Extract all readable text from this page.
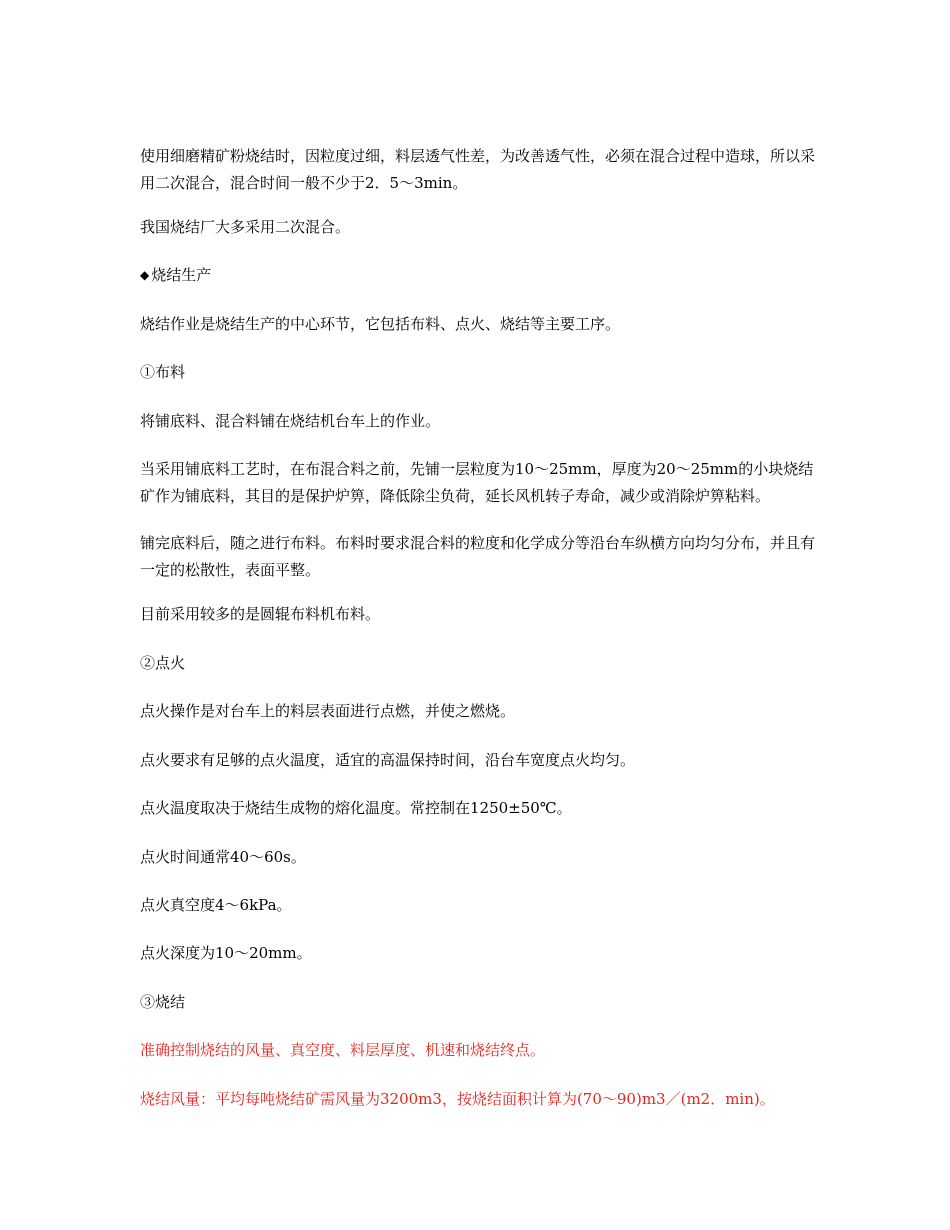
使用细磨精矿粉烧结时，因粒度过细，料层透气性差，为改善透气性，必须在混合过程中造球，所以采用二次混合，混合时间一般不少于2．5～3min。

我国烧结厂大多采用二次混合。

◆ 烧结生产

烧结作业是烧结生产的中心环节，它包括布料、点火、烧结等主要工序。

①布料

将铺底料、混合料铺在烧结机台车上的作业。

当采用铺底料工艺时，在布混合料之前，先铺一层粒度为10～25mm，厚度为20～25mm的小块烧结矿作为铺底料，其目的是保护炉箅，降低除尘负荷，延长风机转子寿命，减少或消除炉箅粘料。

铺完底料后，随之进行布料。布料时要求混合料的粒度和化学成分等沿台车纵横方向均匀分布，并且有一定的松散性，表面平整。

目前采用较多的是圆辊布料机布料。

②点火

点火操作是对台车上的料层表面进行点燃，并使之燃烧。

点火要求有足够的点火温度，适宜的高温保持时间，沿台车宽度点火均匀。

点火温度取决于烧结生成物的熔化温度。常控制在1250±50℃。

点火时间通常40～60s。

点火真空度4～6kPa。

点火深度为10～20mm。

③烧结

准确控制烧结的风量、真空度、料层厚度、机速和烧结终点。

烧结风量：平均每吨烧结矿需风量为3200m3，按烧结面积计算为(70～90)m3／(m2．min)。
